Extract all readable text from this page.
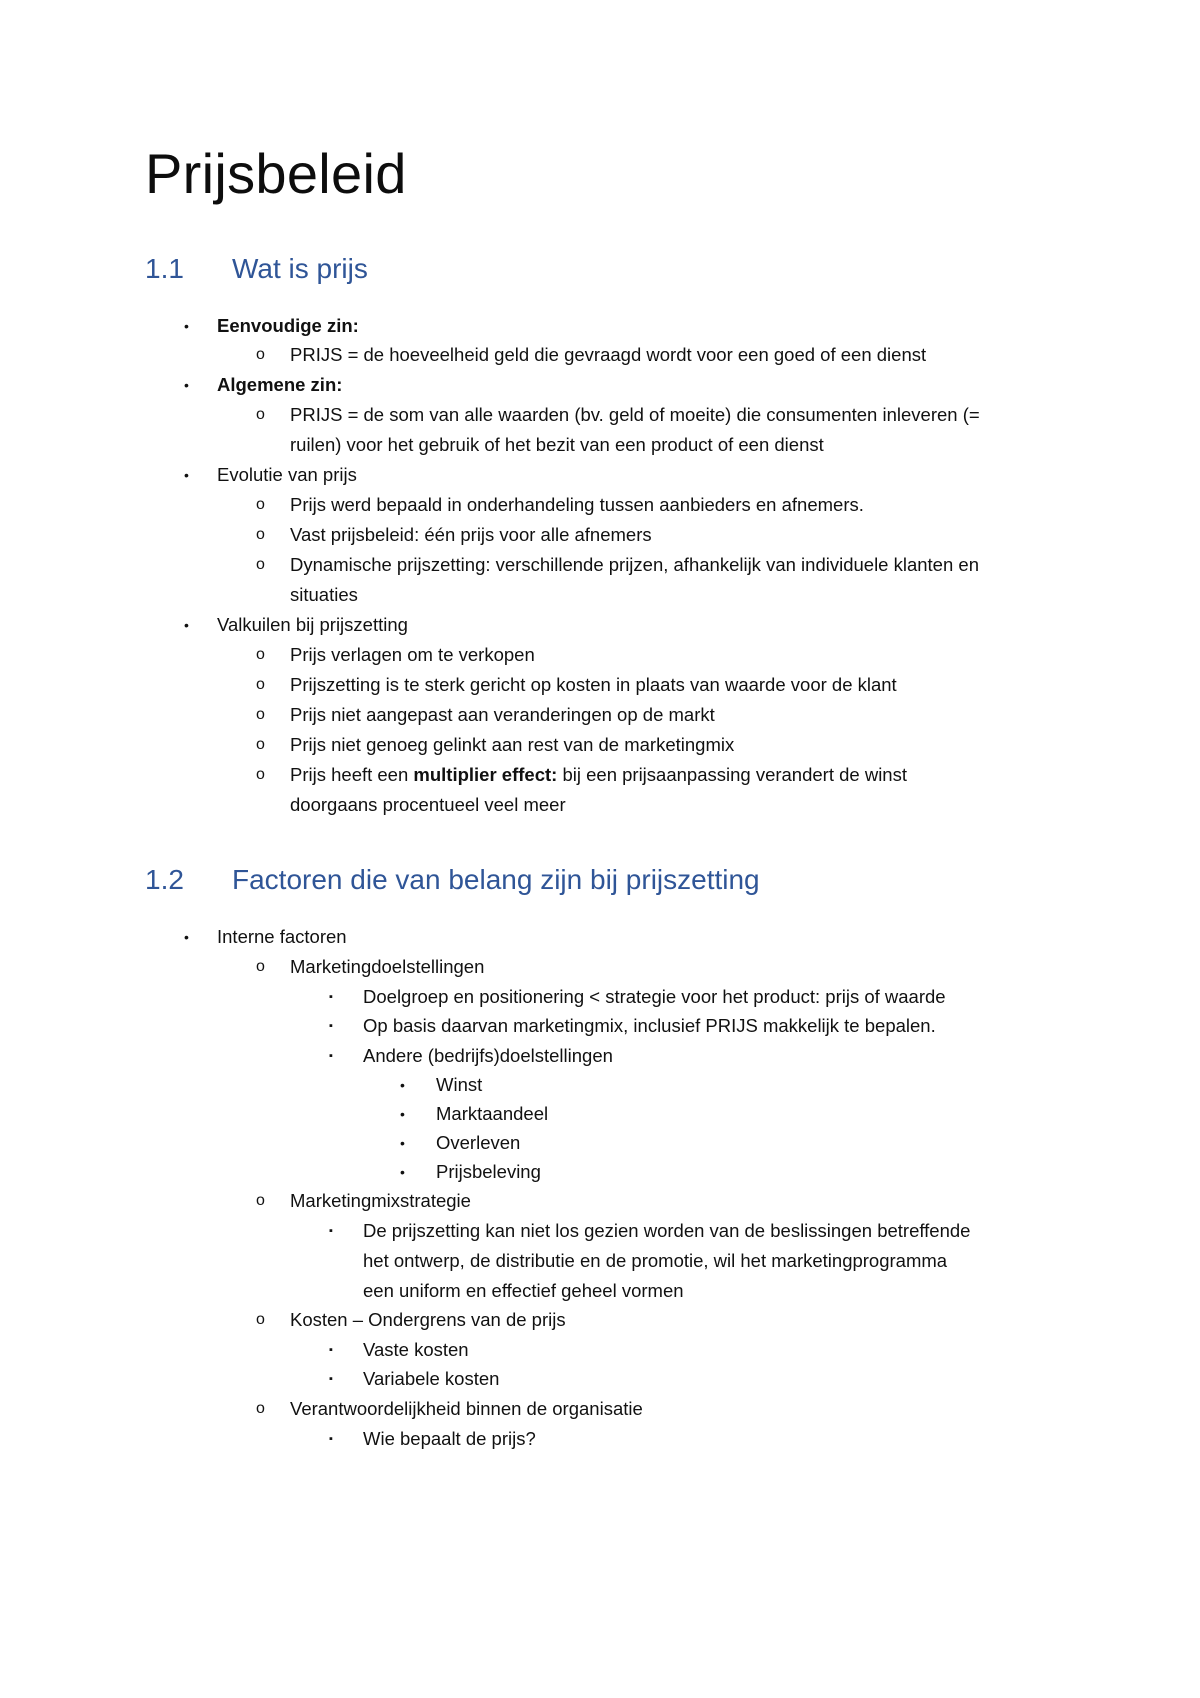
Prijsbeleid
1.1 Wat is prijs
• Eenvoudige zin:
o PRIJS = de hoeveelheid geld die gevraagd wordt voor een goed of een dienst
• Algemene zin:
o PRIJS = de som van alle waarden (bv. geld of moeite) die consumenten inleveren (=
ruilen) voor het gebruik of het bezit van een product of een dienst
• Evolutie van prijs
o Prijs werd bepaald in onderhandeling tussen aanbieders en afnemers.
o Vast prijsbeleid: één prijs voor alle afnemers
o Dynamische prijszetting: verschillende prijzen, afhankelijk van individuele klanten en
situaties
• Valkuilen bij prijszetting
o Prijs verlagen om te verkopen
o Prijszetting is te sterk gericht op kosten in plaats van waarde voor de klant
o Prijs niet aangepast aan veranderingen op de markt
o Prijs niet genoeg gelinkt aan rest van de marketingmix
o Prijs heeft een multiplier effect: bij een prijsaanpassing verandert de winst
doorgaans procentueel veel meer
1.2 Factoren die van belang zijn bij prijszetting
• Interne factoren
o Marketingdoelstellingen
▪ Doelgroep en positionering < strategie voor het product: prijs of waarde
▪ Op basis daarvan marketingmix, inclusief PRIJS makkelijk te bepalen.
▪ Andere (bedrijfs)doelstellingen
• Winst
• Marktaandeel
• Overleven
• Prijsbeleving
o Marketingmixstrategie
▪ De prijszetting kan niet los gezien worden van de beslissingen betreffende
het ontwerp, de distributie en de promotie, wil het marketingprogramma
een uniform en effectief geheel vormen
o Kosten – Ondergrens van de prijs
▪ Vaste kosten
▪ Variabele kosten
o Verantwoordelijkheid binnen de organisatie
▪ Wie bepaalt de prijs?
